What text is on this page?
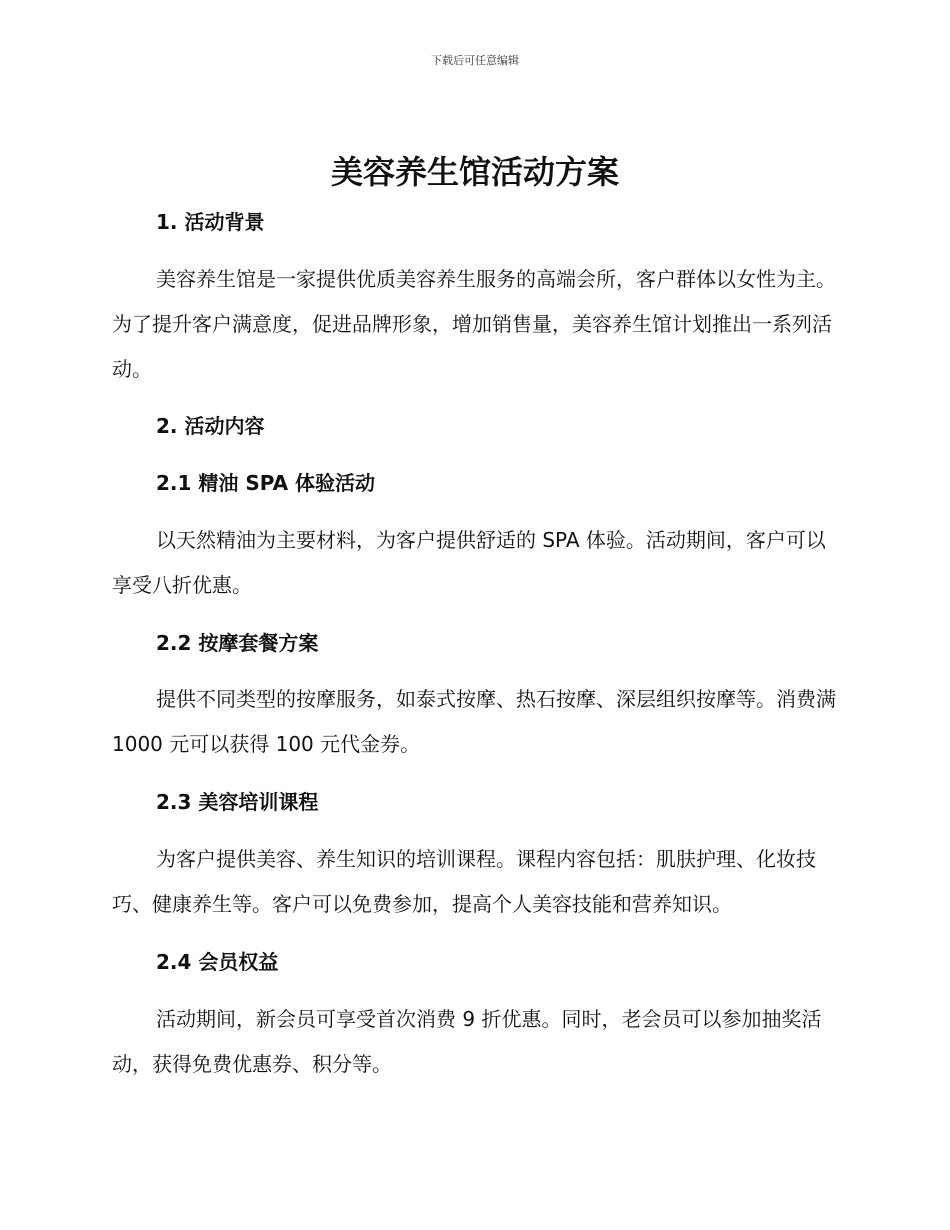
下载后可任意编辑
美容养生馆活动方案
1. 活动背景

美容养生馆是一家提供优质美容养生服务的高端会所，客户群体以女性为主。为了提升客户满意度，促进品牌形象，增加销售量，美容养生馆计划推出一系列活动。

2. 活动内容
2.1 精油 SPA 体验活动

以天然精油为主要材料，为客户提供舒适的 SPA 体验。活动期间，客户可以享受八折优惠。

2.2 按摩套餐方案

提供不同类型的按摩服务，如泰式按摩、热石按摩、深层组织按摩等。消费满 1000 元可以获得 100 元代金券。

2.3 美容培训课程

为客户提供美容、养生知识的培训课程。课程内容包括：肌肤护理、化妆技巧、健康养生等。客户可以免费参加，提高个人美容技能和营养知识。

2.4 会员权益

活动期间，新会员可享受首次消费 9 折优惠。同时，老会员可以参加抽奖活动，获得免费优惠券、积分等。
